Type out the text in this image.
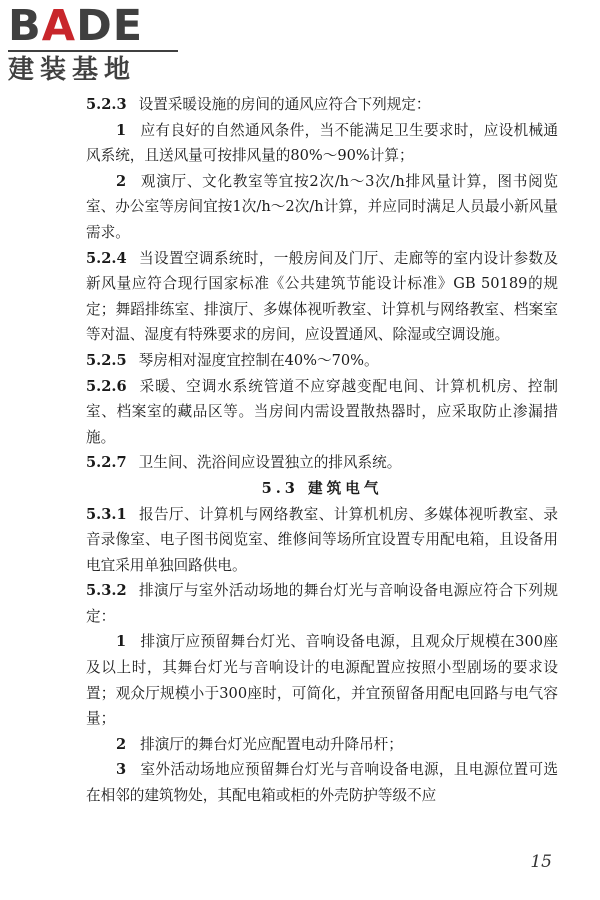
BADE
建装基地

5.2.3 设置采暖设施的房间的通风应符合下列规定：

1 应有良好的自然通风条件，当不能满足卫生要求时，应设机械通风系统，且送风量可按排风量的80%～90%计算；

2 观演厅、文化教室等宜按2次/h～3次/h排风量计算，图书阅览室、办公室等房间宜按1次/h～2次/h计算，并应同时满足人员最小新风量需求。

5.2.4 当设置空调系统时，一般房间及门厅、走廊等的室内设计参数及新风量应符合现行国家标准《公共建筑节能设计标准》GB 50189的规定；舞蹈排练室、排演厅、多媒体视听教室、计算机与网络教室、档案室等对温、湿度有特殊要求的房间，应设置通风、除湿或空调设施。

5.2.5 琴房相对湿度宜控制在40%～70%。

5.2.6 采暖、空调水系统管道不应穿越变配电间、计算机机房、控制室、档案室的藏品区等。当房间内需设置散热器时，应采取防止渗漏措施。

5.2.7 卫生间、洗浴间应设置独立的排风系统。

5.3 建筑电气

5.3.1 报告厅、计算机与网络教室、计算机机房、多媒体视听教室、录音录像室、电子图书阅览室、维修间等场所宜设置专用配电箱，且设备用电宜采用单独回路供电。

5.3.2 排演厅与室外活动场地的舞台灯光与音响设备电源应符合下列规定：

1 排演厅应预留舞台灯光、音响设备电源，且观众厅规模在300座及以上时，其舞台灯光与音响设计的电源配置应按照小型剧场的要求设置；观众厅规模小于300座时，可简化，并宜预留备用配电回路与电气容量；

2 排演厅的舞台灯光应配置电动升降吊杆；

3 室外活动场地应预留舞台灯光与音响设备电源，且电源位置可选在相邻的建筑物处，其配电箱或柜的外壳防护等级不应

15
